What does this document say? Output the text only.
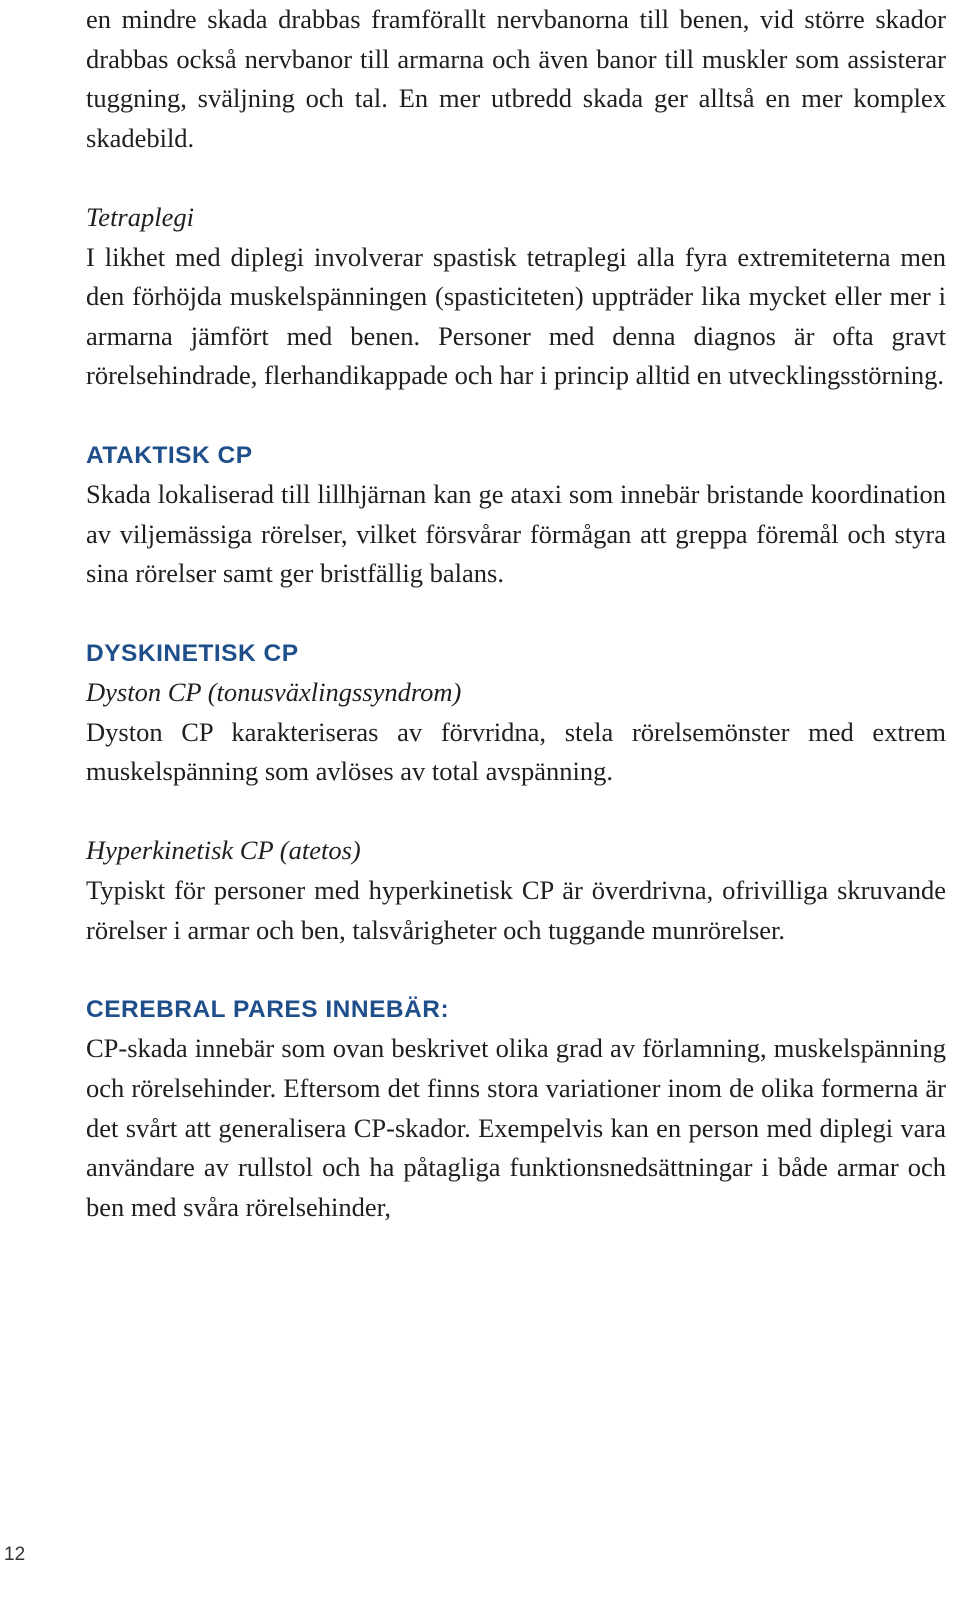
en mindre skada drabbas framförallt nervbanorna till benen, vid större skador drabbas också nervbanor till armarna och även banor till muskler som assisterar tuggning, sväljning och tal. En mer utbredd skada ger alltså en mer komplex skadebild.

Tetraplegi

I likhet med diplegi involverar spastisk tetraplegi alla fyra extremiteterna men den förhöjda muskelspänningen (spasticiteten) uppträder lika mycket eller mer i armarna jämfört med benen. Personer med denna diagnos är ofta gravt rörelsehindrade, flerhandikappade och har i princip alltid en utvecklingsstörning.

ATAKTISK CP

Skada lokaliserad till lillhjärnan kan ge ataxi som innebär bristande koordination av viljemässiga rörelser, vilket försvårar förmågan att greppa föremål och styra sina rörelser samt ger bristfällig balans.

DYSKINETISK CP

Dyston CP (tonusväxlingssyndrom)

Dyston CP karakteriseras av förvridna, stela rörelsemönster med extrem muskelspänning som avlöses av total avspänning.

Hyperkinetisk CP (atetos)

Typiskt för personer med hyperkinetisk CP är överdrivna, ofrivilliga skruvande rörelser i armar och ben, talsvårigheter och tuggande munrörelser.

CEREBRAL PARES INNEBÄR:

CP-skada innebär som ovan beskrivet olika grad av förlamning, muskelspänning och rörelsehinder. Eftersom det finns stora variationer inom de olika formerna är det svårt att generalisera CP-skador. Exempelvis kan en person med diplegi vara användare av rullstol och ha påtagliga funktionsnedsättningar i både armar och ben med svåra rörelsehinder,

12
